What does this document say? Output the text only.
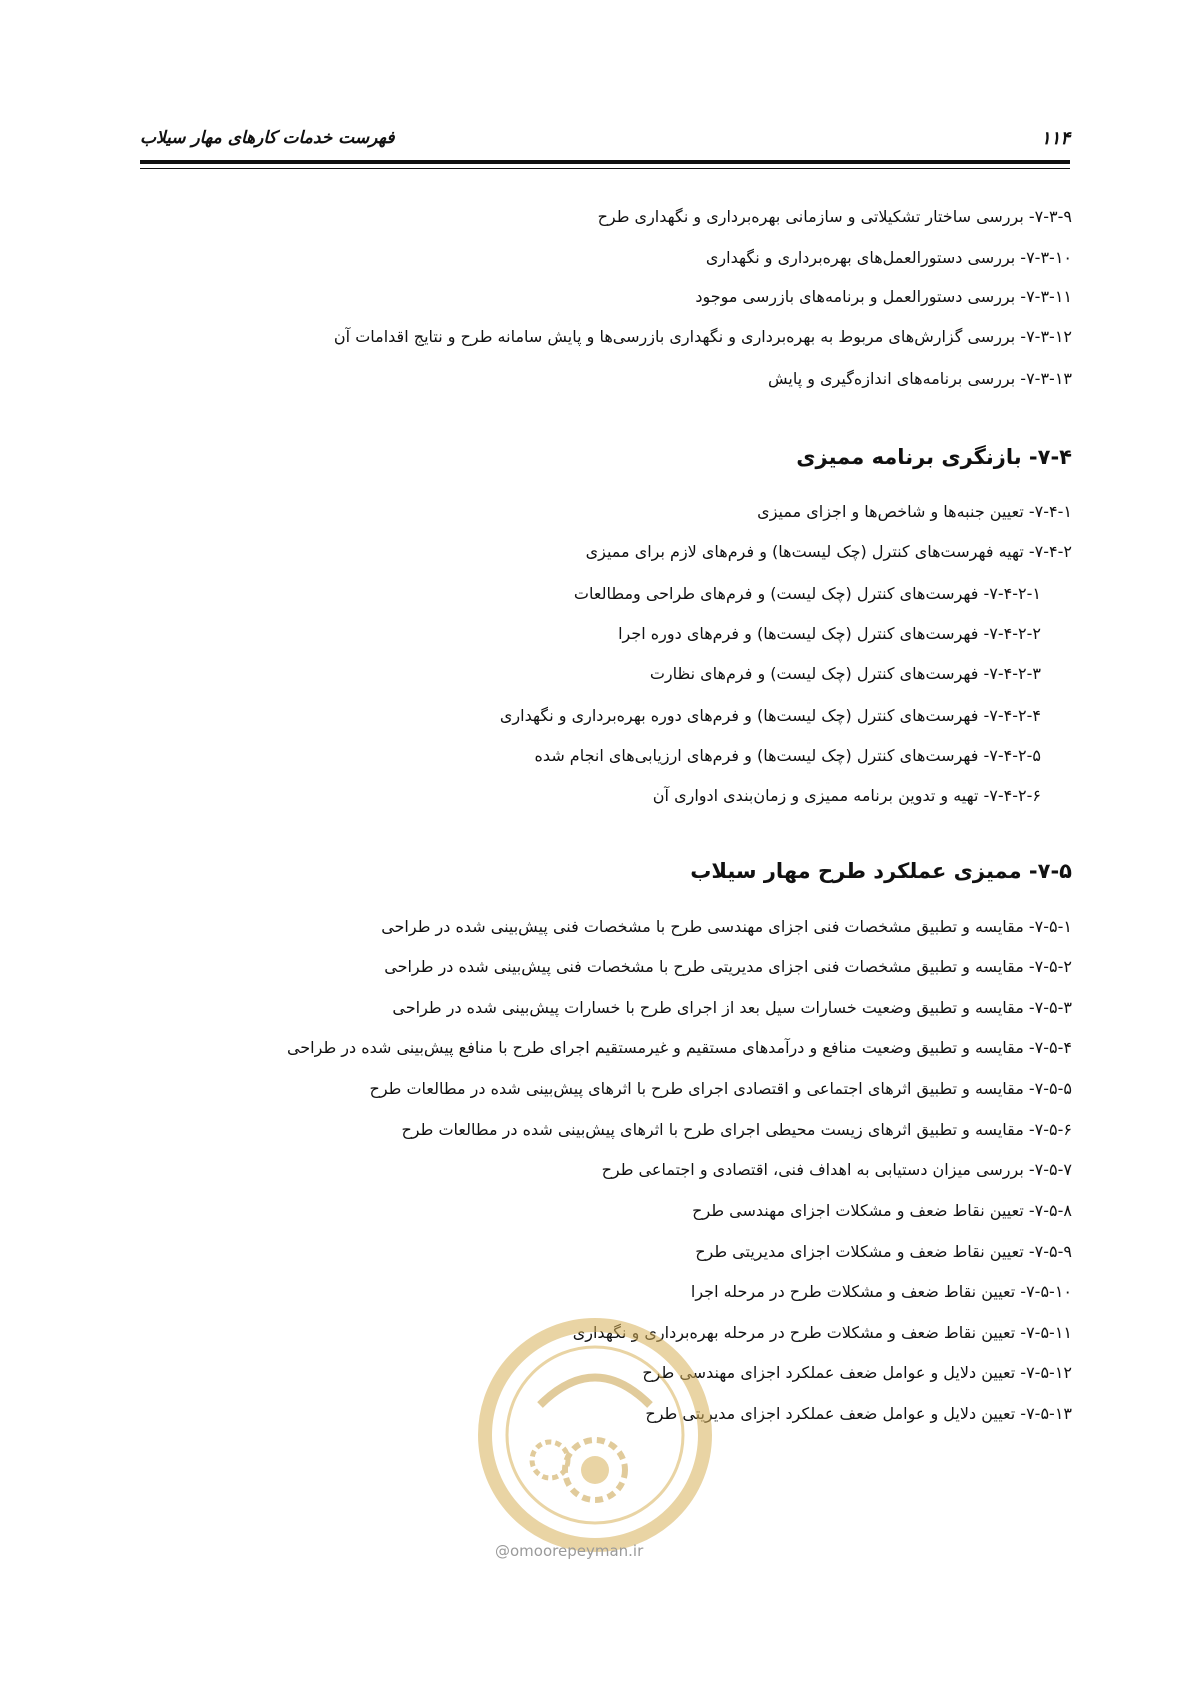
فهرست خدمات کارهای مهار سیلاب	۱۱۴
۷-۳-۹- بررسی ساختار تشکیلاتی و سازمانی بهره‌برداری و نگهداری طرح
۷-۳-۱۰- بررسی دستورالعمل‌های بهره‌برداری و نگهداری
۷-۳-۱۱- بررسی دستورالعمل و برنامه‌های بازرسی موجود
۷-۳-۱۲- بررسی گزارش‌های مربوط به بهره‌برداری و نگهداری بازرسی‌ها و پایش سامانه طرح و نتایج اقدامات آن
۷-۳-۱۳- بررسی برنامه‌های اندازه‌گیری و پایش
۷-۴- بازنگری برنامه ممیزی
۷-۴-۱- تعیین جنبه‌ها و شاخص‌ها و اجزای ممیزی
۷-۴-۲- تهیه فهرست‌های کنترل (چک لیست‌ها) و فرم‌های لازم برای ممیزی
۷-۴-۲-۱- فهرست‌های کنترل (چک لیست) و فرم‌های طراحی ومطالعات
۷-۴-۲-۲- فهرست‌های کنترل (چک لیست‌ها) و فرم‌های دوره اجرا
۷-۴-۲-۳- فهرست‌های کنترل (چک لیست) و فرم‌های نظارت
۷-۴-۲-۴- فهرست‌های کنترل (چک لیست‌ها) و فرم‌های دوره بهره‌برداری و نگهداری
۷-۴-۲-۵- فهرست‌های کنترل (چک لیست‌ها) و فرم‌های ارزیابی‌های انجام شده
۷-۴-۲-۶- تهیه و تدوین برنامه ممیزی و زمان‌بندی ادواری آن
۷-۵- ممیزی عملکرد طرح مهار سیلاب
۷-۵-۱- مقایسه و تطبیق مشخصات فنی اجزای مهندسی طرح با مشخصات فنی پیش‌بینی شده در طراحی
۷-۵-۲- مقایسه و تطبیق مشخصات فنی اجزای مدیریتی طرح با مشخصات فنی پیش‌بینی شده در طراحی
۷-۵-۳- مقایسه و تطبیق وضعیت خسارات سیل بعد از اجرای طرح با خسارات پیش‌بینی شده در طراحی
۷-۵-۴- مقایسه و تطبیق وضعیت منافع و درآمدهای مستقیم و غیرمستقیم اجرای طرح با منافع پیش‌بینی شده در طراحی
۷-۵-۵- مقایسه و تطبیق اثرهای اجتماعی و اقتصادی اجرای طرح با اثرهای پیش‌بینی شده در مطالعات طرح
۷-۵-۶- مقایسه و تطبیق اثرهای زیست محیطی اجرای طرح با اثرهای پیش‌بینی شده در مطالعات طرح
۷-۵-۷- بررسی میزان دستیابی به اهداف فنی، اقتصادی و اجتماعی طرح
۷-۵-۸- تعیین نقاط ضعف و مشکلات اجزای مهندسی طرح
۷-۵-۹- تعیین نقاط ضعف و مشکلات اجزای مدیریتی طرح
۷-۵-۱۰- تعیین نقاط ضعف و مشکلات طرح در مرحله اجرا
۷-۵-۱۱- تعیین نقاط ضعف و مشکلات طرح در مرحله بهره‌برداری و نگهداری
۷-۵-۱۲- تعیین دلایل و عوامل ضعف عملکرد اجزای مهندسی طرح
۷-۵-۱۳- تعیین دلایل و عوامل ضعف عملکرد اجزای مدیریتی طرح
@omoorepeyman.ir
